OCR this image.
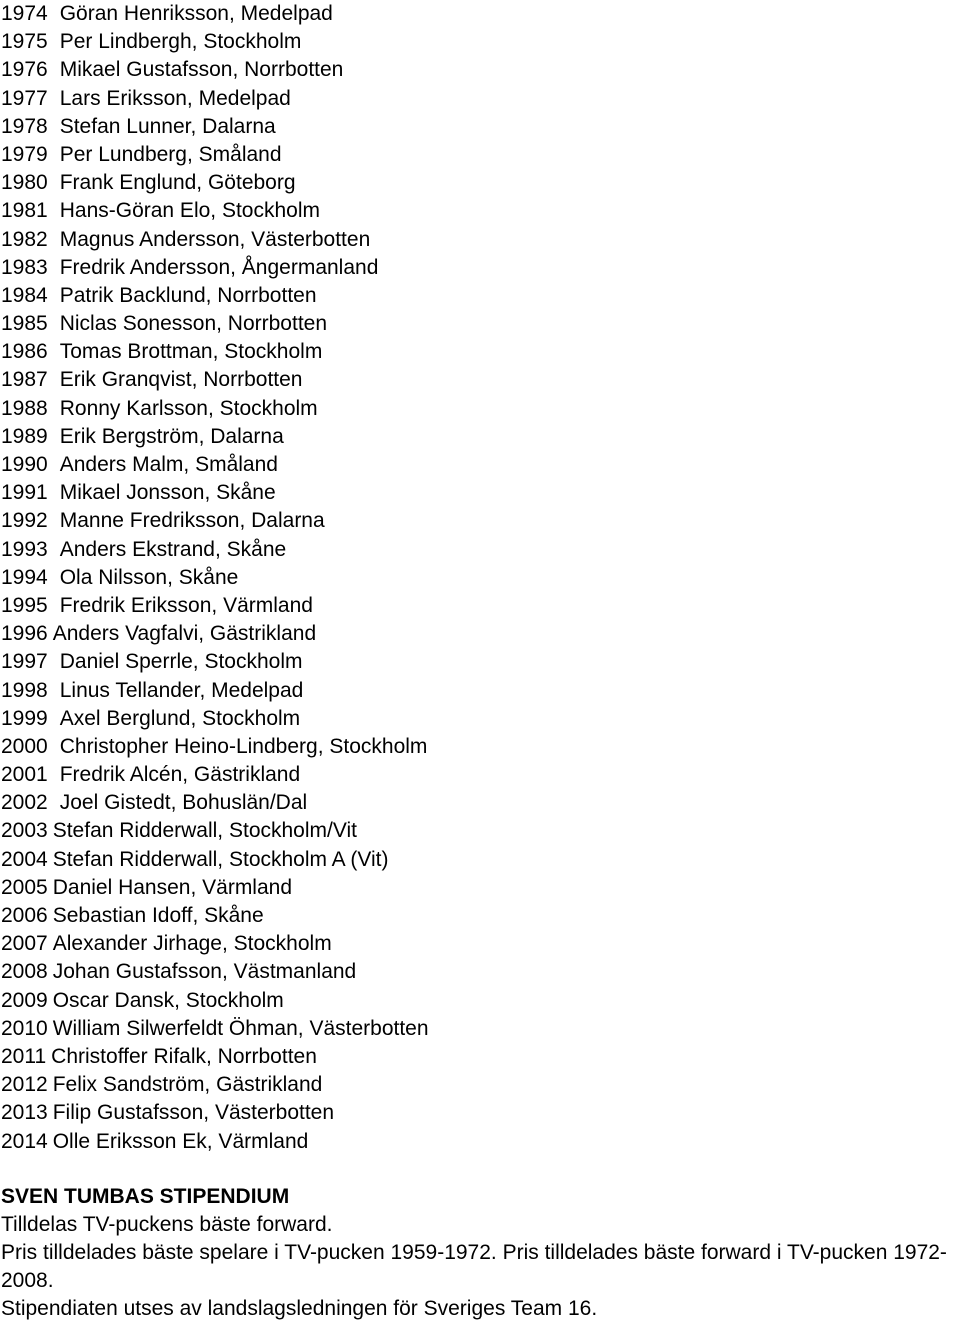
1974 Göran Henriksson, Medelpad
1975 Per Lindbergh, Stockholm
1976 Mikael Gustafsson, Norrbotten
1977 Lars Eriksson, Medelpad
1978 Stefan Lunner, Dalarna
1979 Per Lundberg, Småland
1980 Frank Englund, Göteborg
1981 Hans-Göran Elo, Stockholm
1982 Magnus Andersson, Västerbotten
1983 Fredrik Andersson, Ångermanland
1984 Patrik Backlund, Norrbotten
1985 Niclas Sonesson, Norrbotten
1986 Tomas Brottman, Stockholm
1987 Erik Granqvist, Norrbotten
1988 Ronny Karlsson, Stockholm
1989 Erik Bergström, Dalarna
1990 Anders Malm, Småland
1991 Mikael Jonsson, Skåne
1992 Manne Fredriksson, Dalarna
1993 Anders Ekstrand, Skåne
1994 Ola Nilsson, Skåne
1995 Fredrik Eriksson, Värmland
1996 Anders Vagfalvi, Gästrikland
1997 Daniel Sperrle, Stockholm
1998 Linus Tellander, Medelpad
1999 Axel Berglund, Stockholm
2000 Christopher Heino-Lindberg, Stockholm
2001 Fredrik Alcén, Gästrikland
2002 Joel Gistedt, Bohuslän/Dal
2003 Stefan Ridderwall, Stockholm/Vit
2004 Stefan Ridderwall, Stockholm A (Vit)
2005 Daniel Hansen, Värmland
2006 Sebastian Idoff, Skåne
2007 Alexander Jirhage, Stockholm
2008 Johan Gustafsson, Västmanland
2009 Oscar Dansk, Stockholm
2010 William Silwerfeldt Öhman, Västerbotten
2011 Christoffer Rifalk, Norrbotten
2012 Felix Sandström, Gästrikland
2013 Filip Gustafsson, Västerbotten
2014 Olle Eriksson Ek, Värmland
SVEN TUMBAS STIPENDIUM

Tilldelas TV-puckens bäste forward.

Pris tilldelades bäste spelare i TV-pucken 1959-1972. Pris tilldelades bäste forward i TV-pucken 1972-2008.

Stipendiaten utses av landslagsledningen för Sveriges Team 16.
